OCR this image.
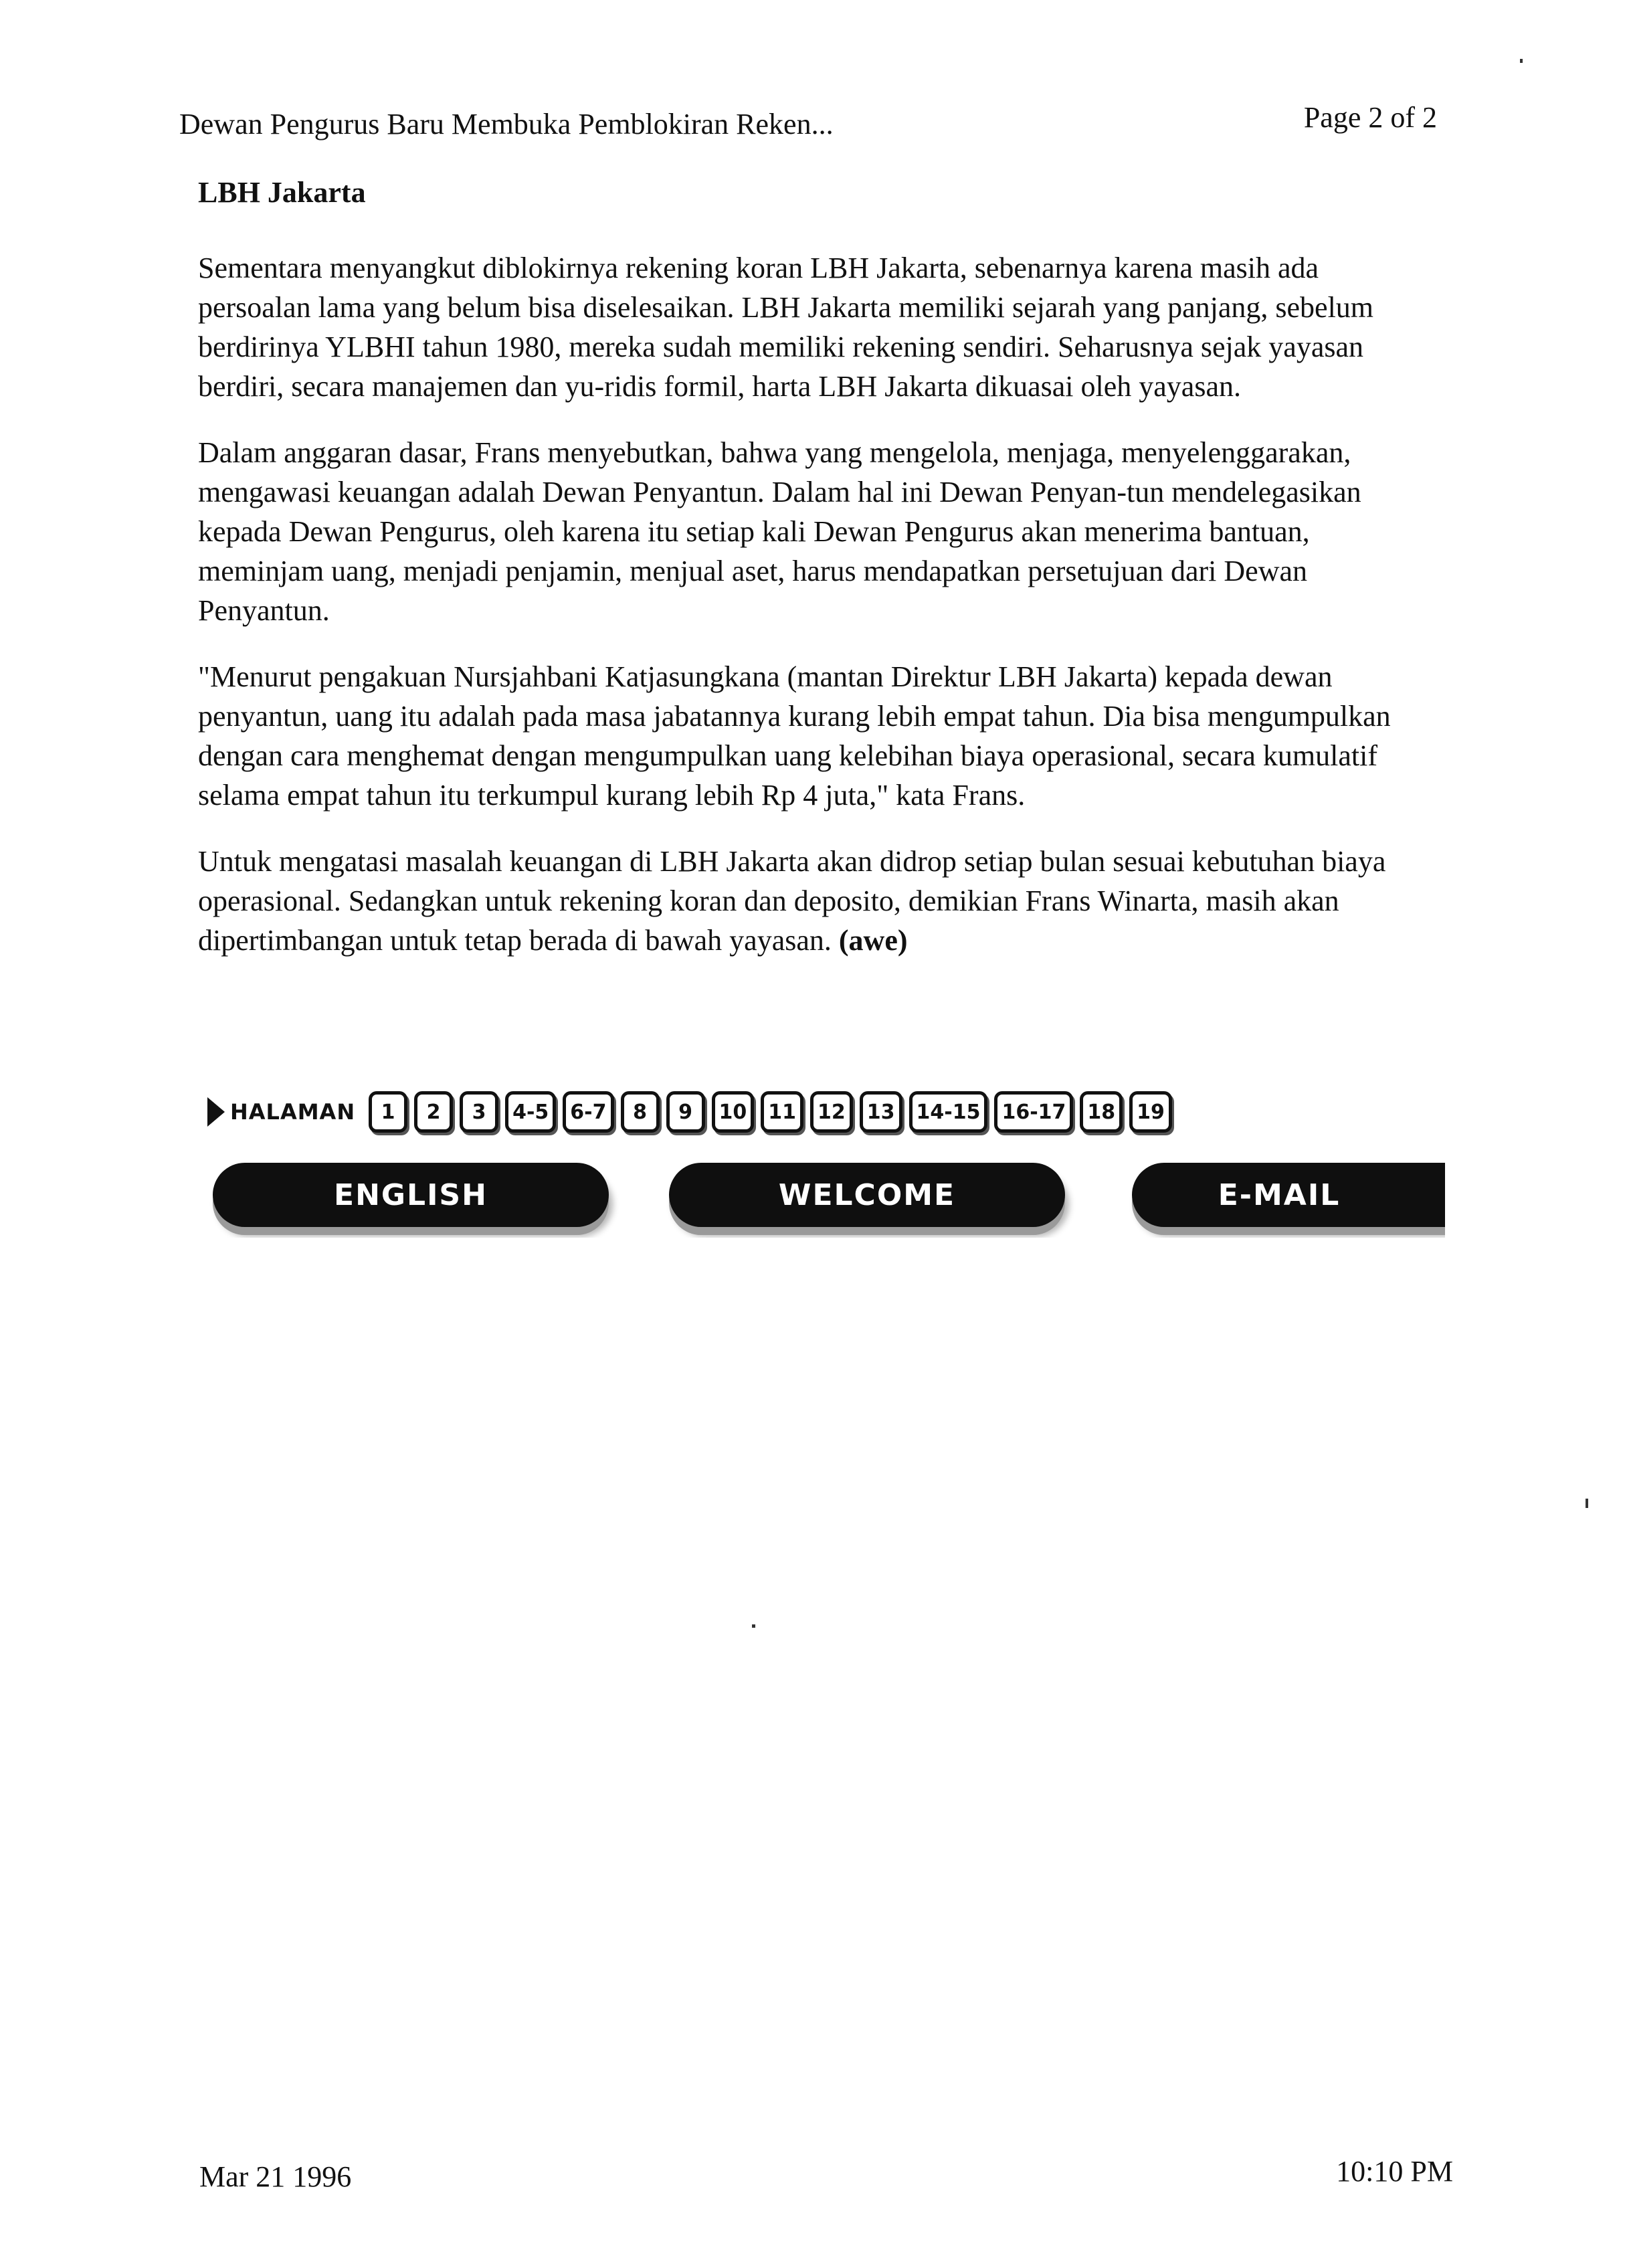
Dewan Pengurus Baru Membuka Pemblokiran Reken...	Page 2 of 2
LBH Jakarta

Sementara menyangkut diblokirnya rekening koran LBH Jakarta, sebenarnya karena masih ada persoalan lama yang belum bisa diselesaikan. LBH Jakarta memiliki sejarah yang panjang, sebelum berdirinya YLBHI tahun 1980, mereka sudah memiliki rekening sendiri. Seharusnya sejak yayasan berdiri, secara manajemen dan yu-ridis formil, harta LBH Jakarta dikuasai oleh yayasan.

Dalam anggaran dasar, Frans menyebutkan, bahwa yang mengelola, menjaga, menyelenggarakan, mengawasi keuangan adalah Dewan Penyantun. Dalam hal ini Dewan Penyan-tun mendelegasikan kepada Dewan Pengurus, oleh karena itu setiap kali Dewan Pengurus akan menerima bantuan, meminjam uang, menjadi penjamin, menjual aset, harus mendapatkan persetujuan dari Dewan Penyantun.

"Menurut pengakuan Nursjahbani Katjasungkana (mantan Direktur LBH Jakarta) kepada dewan penyantun, uang itu adalah pada masa jabatannya kurang lebih empat tahun. Dia bisa mengumpulkan dengan cara menghemat dengan mengumpulkan uang kelebihan biaya operasional, secara kumulatif selama empat tahun itu terkumpul kurang lebih Rp 4 juta," kata Frans.

Untuk mengatasi masalah keuangan di LBH Jakarta akan didrop setiap bulan sesuai kebutuhan biaya operasional. Sedangkan untuk rekening koran dan deposito, demikian Frans Winarta, masih akan dipertimbangan untuk tetap berada di bawah yayasan. (awe)

HALAMAN	1	2	3	4-5	6-7	8	9	10	11	12	13	14-15	16-17	18	19
ENGLISH	WELCOME	E-MAIL
Mar 21 1996	10:10 PM
